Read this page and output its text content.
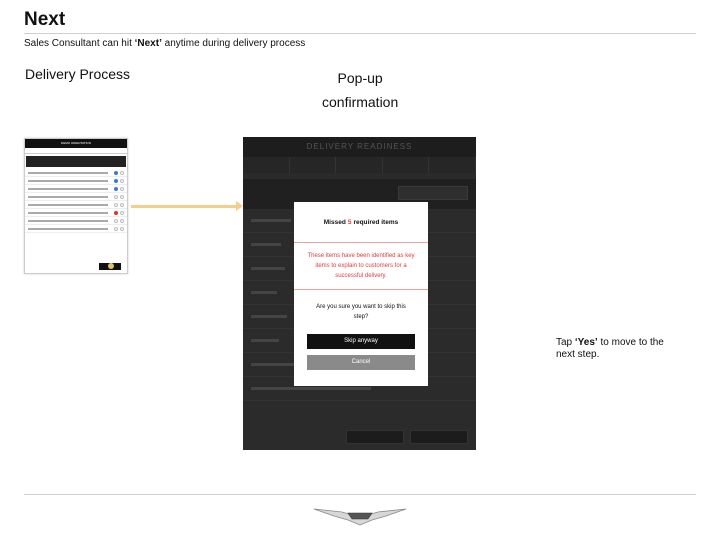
Next
Sales Consultant can hit ‘Next’ anytime during delivery process
Delivery Process	Pop-up
confirmation
DEMO ORIENTATION	DELIVERY READINESS
Missed 5 required items
These items have been identified as key items to explain to customers for a successful delivery.
Are you sure you want to skip this step?
Skip anyway
Cancel
Tap ‘Yes’ to move to the next step.
